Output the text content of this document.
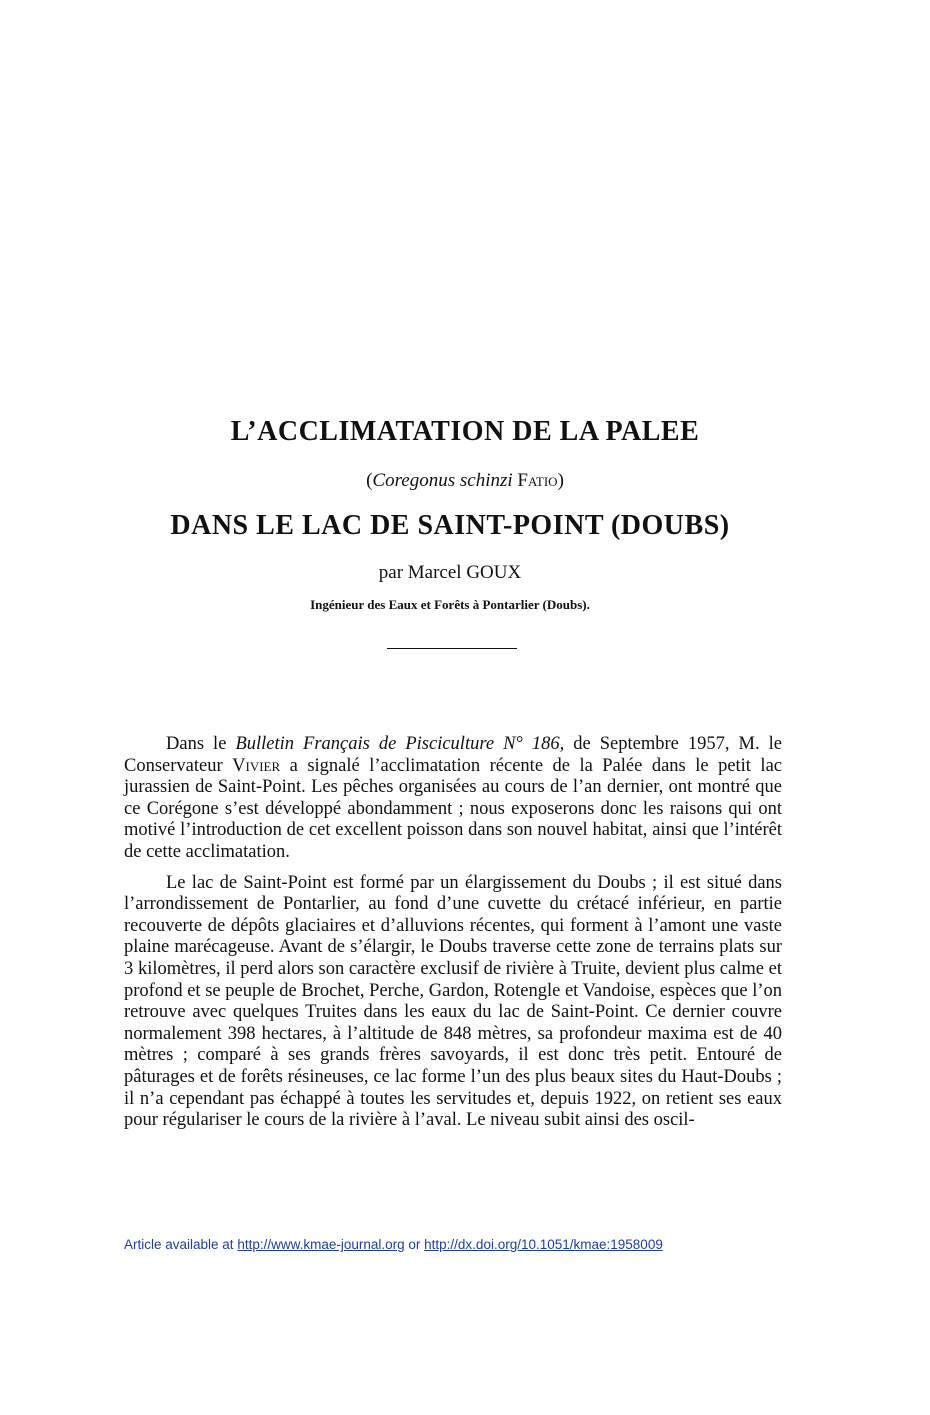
L’ACCLIMATATION DE LA PALEE
(Coregonus schinzi Fatio)
DANS LE LAC DE SAINT-POINT (DOUBS)
par Marcel GOUX
Ingénieur des Eaux et Forêts à Pontarlier (Doubs).

Dans le Bulletin Français de Pisciculture N° 186, de Septembre 1957, M. le Conservateur Vivier a signalé l’acclimatation récente de la Palée dans le petit lac jurassien de Saint-Point. Les pêches organisées au cours de l’an dernier, ont montré que ce Corégone s’est développé abondamment ; nous exposerons donc les raisons qui ont motivé l’introduction de cet excellent poisson dans son nouvel habitat, ainsi que l’intérêt de cette acclimatation.

Le lac de Saint-Point est formé par un élargissement du Doubs ; il est situé dans l’arrondissement de Pontarlier, au fond d’une cuvette du crétacé inférieur, en partie recouverte de dépôts glaciaires et d’alluvions récentes, qui forment à l’amont une vaste plaine marécageuse. Avant de s’élargir, le Doubs traverse cette zone de terrains plats sur 3 kilomètres, il perd alors son caractère exclusif de rivière à Truite, devient plus calme et profond et se peuple de Brochet, Perche, Gardon, Rotengle et Vandoise, espèces que l’on retrouve avec quelques Truites dans les eaux du lac de Saint-Point. Ce dernier couvre normalement 398 hectares, à l’altitude de 848 mètres, sa profondeur maxima est de 40 mètres ; comparé à ses grands frères savoyards, il est donc très petit. Entouré de pâturages et de forêts résineuses, ce lac forme l’un des plus beaux sites du Haut-Doubs ; il n’a cependant pas échappé à toutes les servitudes et, depuis 1922, on retient ses eaux pour régulariser le cours de la rivière à l’aval. Le niveau subit ainsi des oscil-

Article available at http://www.kmae-journal.org or http://dx.doi.org/10.1051/kmae:1958009
